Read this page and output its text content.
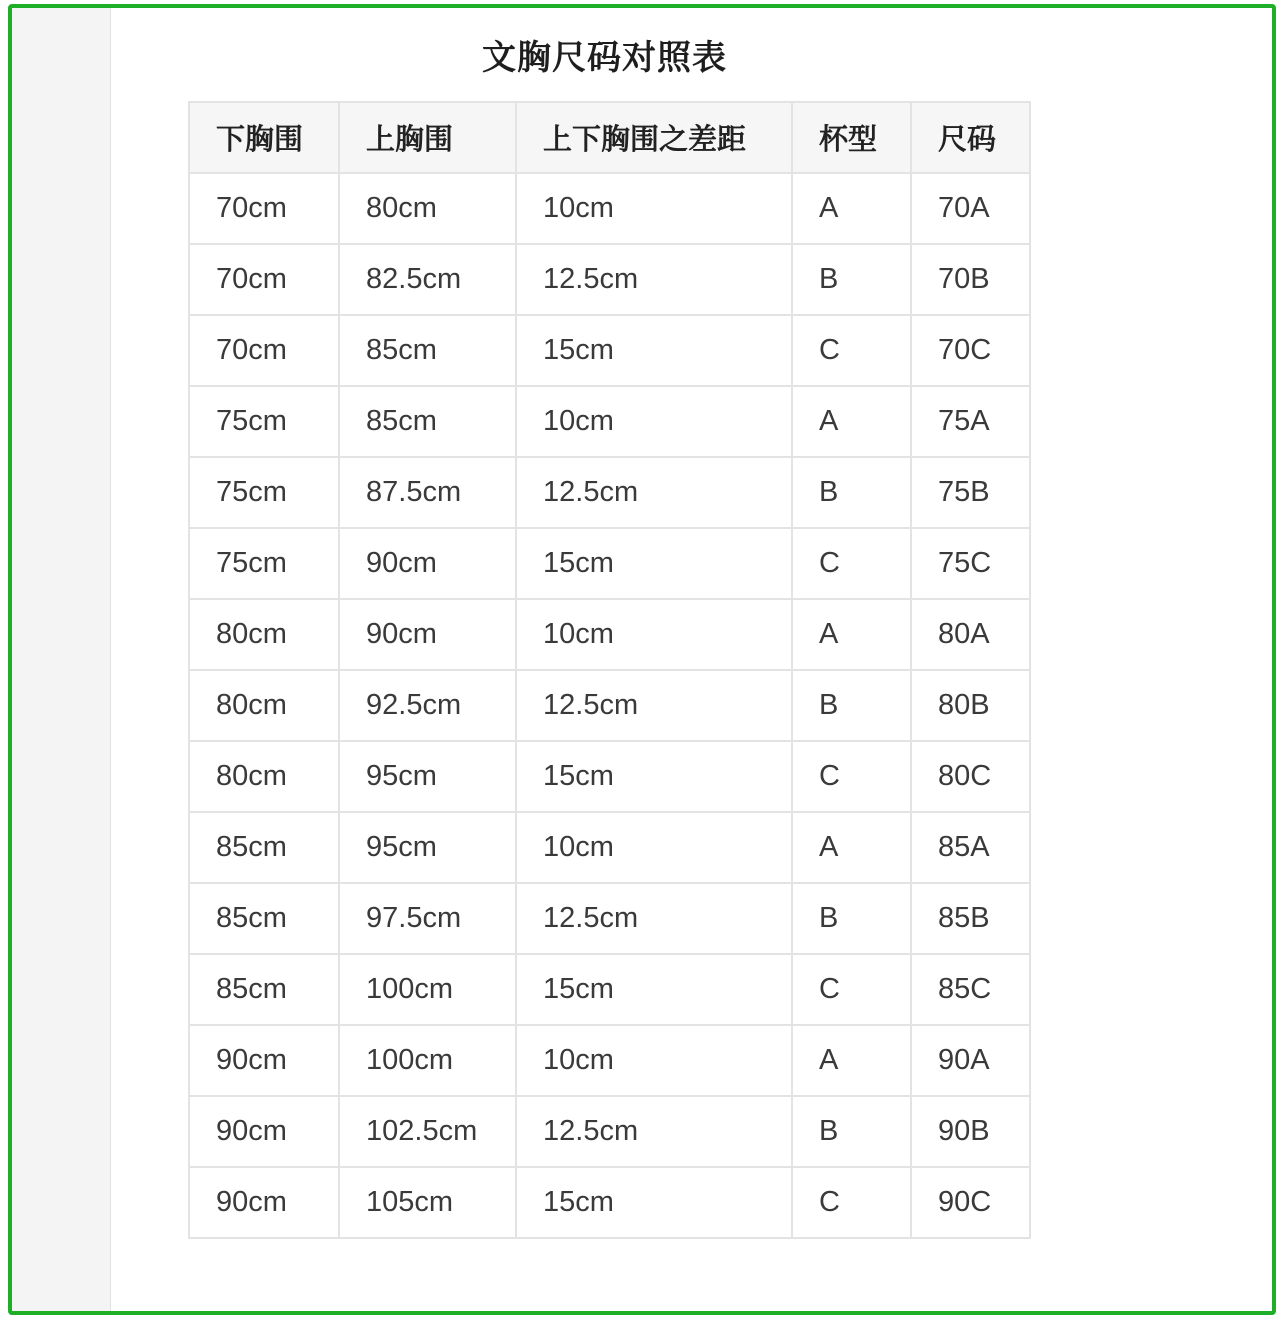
文胸尺码对照表
下胸围	上胸围	上下胸围之差距	杯型	尺码
70cm	80cm	10cm	A	70A
70cm	82.5cm	12.5cm	B	70B
70cm	85cm	15cm	C	70C
75cm	85cm	10cm	A	75A
75cm	87.5cm	12.5cm	B	75B
75cm	90cm	15cm	C	75C
80cm	90cm	10cm	A	80A
80cm	92.5cm	12.5cm	B	80B
80cm	95cm	15cm	C	80C
85cm	95cm	10cm	A	85A
85cm	97.5cm	12.5cm	B	85B
85cm	100cm	15cm	C	85C
90cm	100cm	10cm	A	90A
90cm	102.5cm	12.5cm	B	90B
90cm	105cm	15cm	C	90C
